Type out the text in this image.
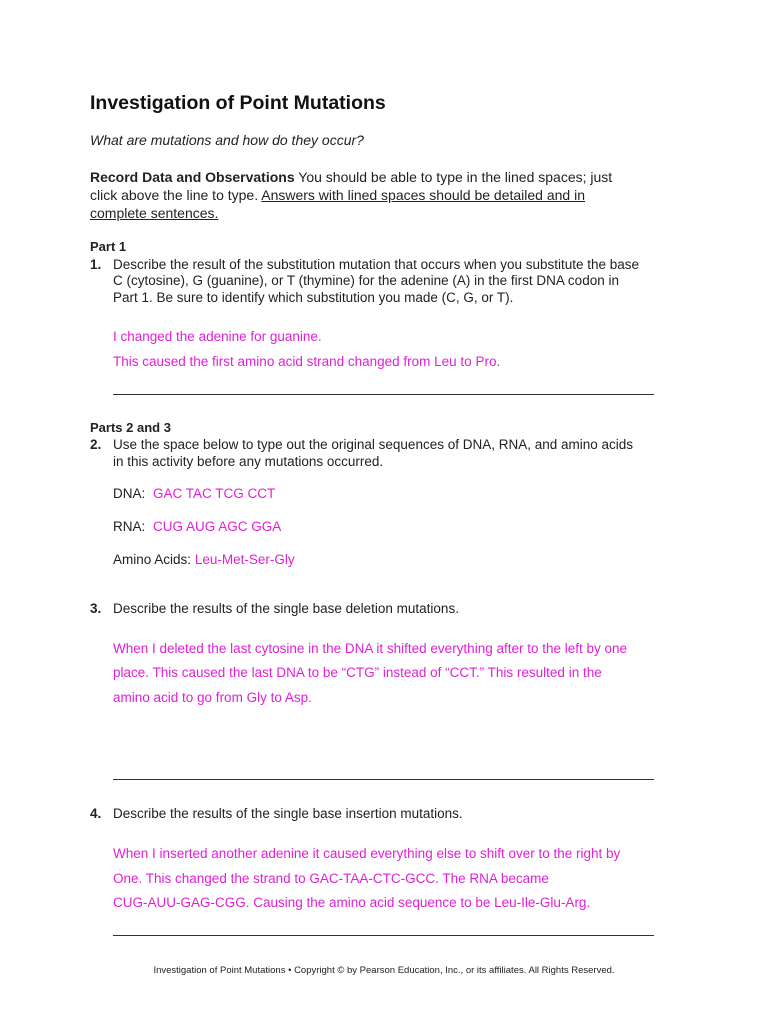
Investigation of Point Mutations
What are mutations and how do they occur?
Record Data and Observations You should be able to type in the lined spaces; just
click above the line to type. Answers with lined spaces should be detailed and in
complete sentences.
Part 1
1. Describe the result of the substitution mutation that occurs when you substitute the base
C (cytosine), G (guanine), or T (thymine) for the adenine (A) in the first DNA codon in
Part 1. Be sure to identify which substitution you made (C, G, or T).
I changed the adenine for guanine.
This caused the first amino acid strand changed from Leu to Pro.
Parts 2 and 3
2. Use the space below to type out the original sequences of DNA, RNA, and amino acids
in this activity before any mutations occurred.
DNA: GAC TAC TCG CCT
RNA: CUG AUG AGC GGA
Amino Acids: Leu-Met-Ser-Gly
3. Describe the results of the single base deletion mutations.
When I deleted the last cytosine in the DNA it shifted everything after to the left by one
place. This caused the last DNA to be “CTG” instead of “CCT.” This resulted in the
amino acid to go from Gly to Asp.
4. Describe the results of the single base insertion mutations.
When I inserted another adenine it caused everything else to shift over to the right by
One. This changed the strand to GAC-TAA-CTC-GCC. The RNA became
CUG-AUU-GAG-CGG. Causing the amino acid sequence to be Leu-Ile-Glu-Arg.
Investigation of Point Mutations • Copyright © by Pearson Education, Inc., or its affiliates. All Rights Reserved.
